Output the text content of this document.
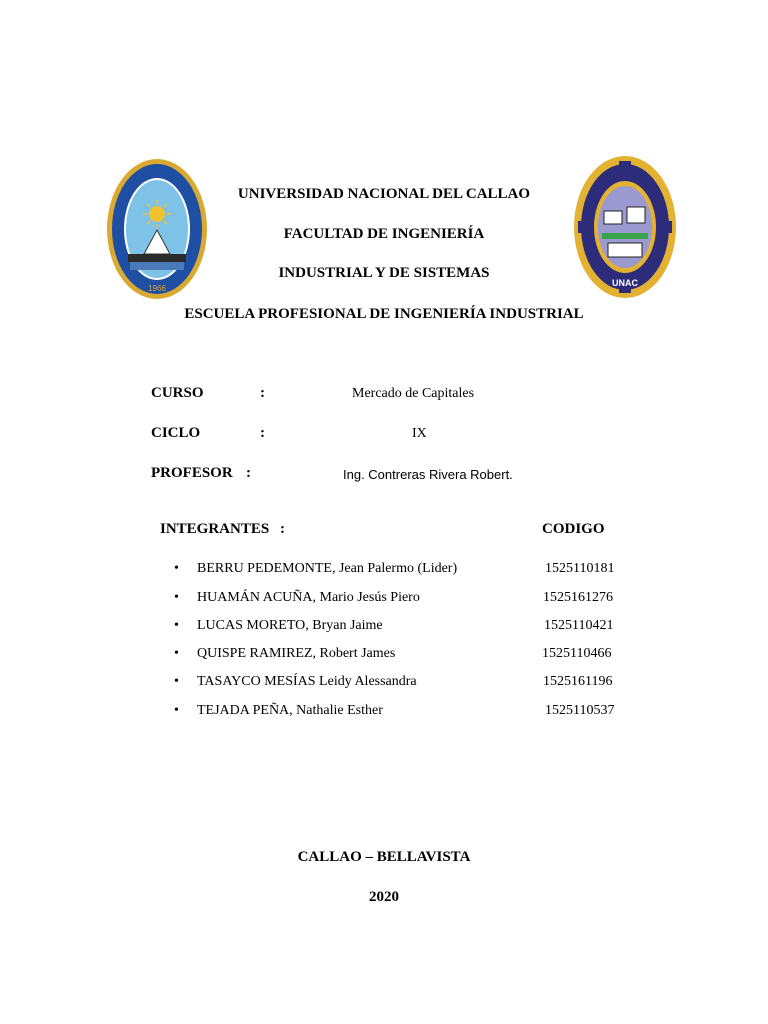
1966
UNAC
UNIVERSIDAD NACIONAL DEL CALLAO
FACULTAD DE INGENIERÍA
INDUSTRIAL Y DE SISTEMAS
ESCUELA PROFESIONAL DE INGENIERÍA INDUSTRIAL
CURSO	:	Mercado de Capitales
CICLO	:	IX
PROFESOR :	Ing. Contreras Rivera Robert.
INTEGRANTES :	CODIGO
• BERRU PEDEMONTE, Jean Palermo (Lider)	1525110181
• HUAMÁN ACUÑA, Mario Jesús Piero	1525161276
• LUCAS MORETO, Bryan Jaime	1525110421
• QUISPE RAMIREZ, Robert James	1525110466
• TASAYCO MESÍAS Leidy Alessandra	1525161196
• TEJADA PEÑA, Nathalie Esther	1525110537
CALLAO – BELLAVISTA
2020
